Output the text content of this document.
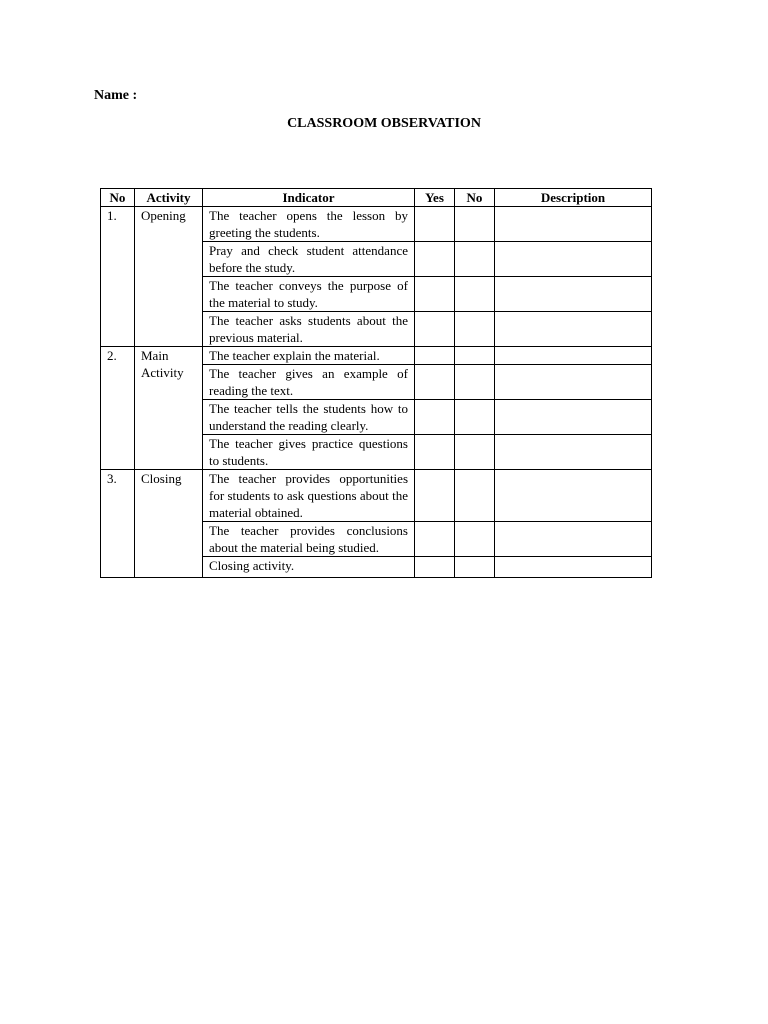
Name :
CLASSROOM OBSERVATION
No	Activity	Indicator	Yes	No	Description
1.	Opening	The teacher opens the lesson by greeting the students.			
		Pray and check student attendance before the study.			
		The teacher conveys the purpose of the material to study.			
		The teacher asks students about the previous material.			
2.	Main Activity	The teacher explain the material.			
		The teacher gives an example of reading the text.			
		The teacher tells the students how to understand the reading clearly.			
		The teacher gives practice questions to students.			
3.	Closing	The teacher provides opportunities for students to ask questions about the material obtained.			
		The teacher provides conclusions about the material being studied.			
		Closing activity.			
